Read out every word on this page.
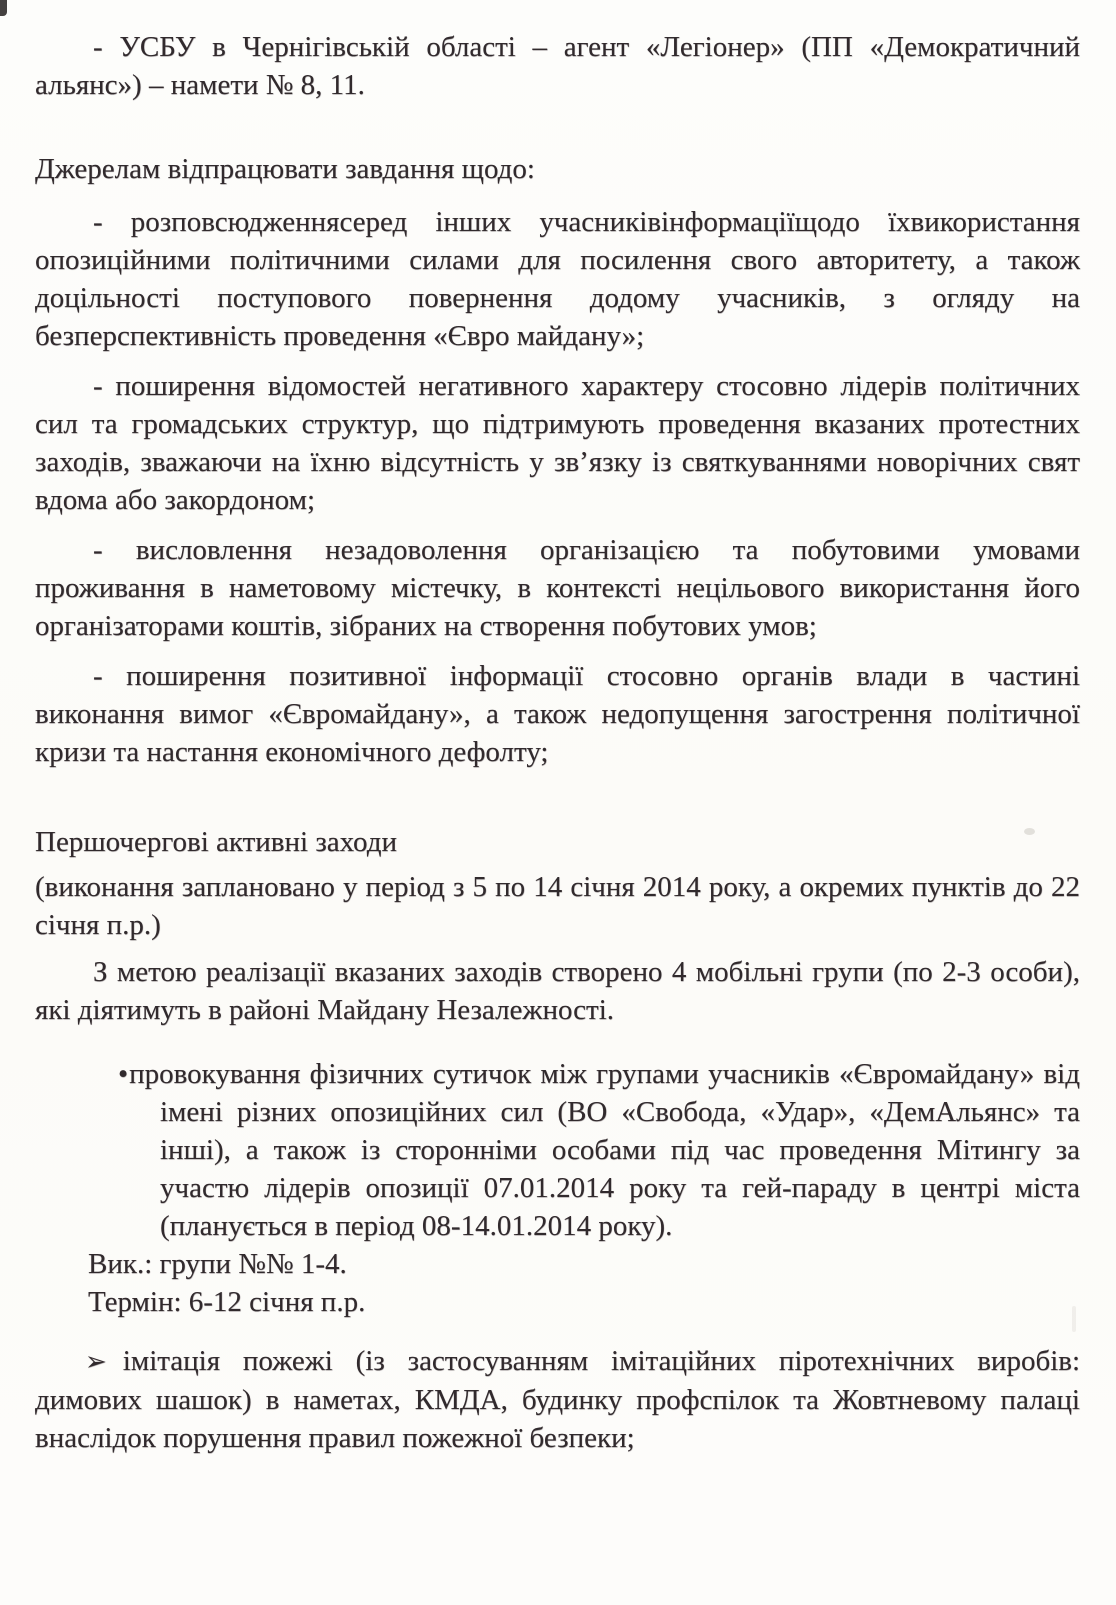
- УСБУ в Чернігівській області – агент «Легіонер» (ПП «Демократичний альянс») – намети № 8, 11.

Джерелам відпрацювати завдання щодо:

- розповсюдженнясеред інших учасниківінформаціїщодо їхвикористання опозиційними політичними силами для посилення свого авторитету, а також доцільності поступового повернення додому учасників, з огляду на безперспективність проведення «Євро майдану»;

- поширення відомостей негативного характеру стосовно лідерів політичних сил та громадських структур, що підтримують проведення вказаних протестних заходів, зважаючи на їхню відсутність у зв’язку із святкуваннями новорічних свят вдома або закордоном;

- висловлення незадоволення організацією та побутовими умовами проживання в наметовому містечку, в контексті нецільового використання його організаторами коштів, зібраних на створення побутових умов;

- поширення позитивної інформації стосовно органів влади в частині виконання вимог «Євромайдану», а також недопущення загострення політичної кризи та настання економічного дефолту;

Першочергові активні заходи

(виконання заплановано у період з 5 по 14 січня 2014 року, а окремих пунктів до 22 січня п.р.)

З метою реалізації вказаних заходів створено 4 мобільні групи (по 2-3 особи), які діятимуть в районі Майдану Незалежності.

•провокування фізичних сутичок між групами учасників «Євромайдану» від імені різних опозиційних сил (ВО «Свобода, «Удар», «ДемАльянс» та інші), а також із сторонніми особами під час проведення Мітингу за участю лідерів опозиції 07.01.2014 року та гей-параду в центрі міста (планується в період 08-14.01.2014 року).

Вик.: групи №№ 1-4.

Термін: 6-12 січня п.р.

➢ імітація пожежі (із застосуванням імітаційних піротехнічних виробів: димових шашок) в наметах, КМДА, будинку профспілок та Жовтневому палаці внаслідок порушення правил пожежної безпеки;
